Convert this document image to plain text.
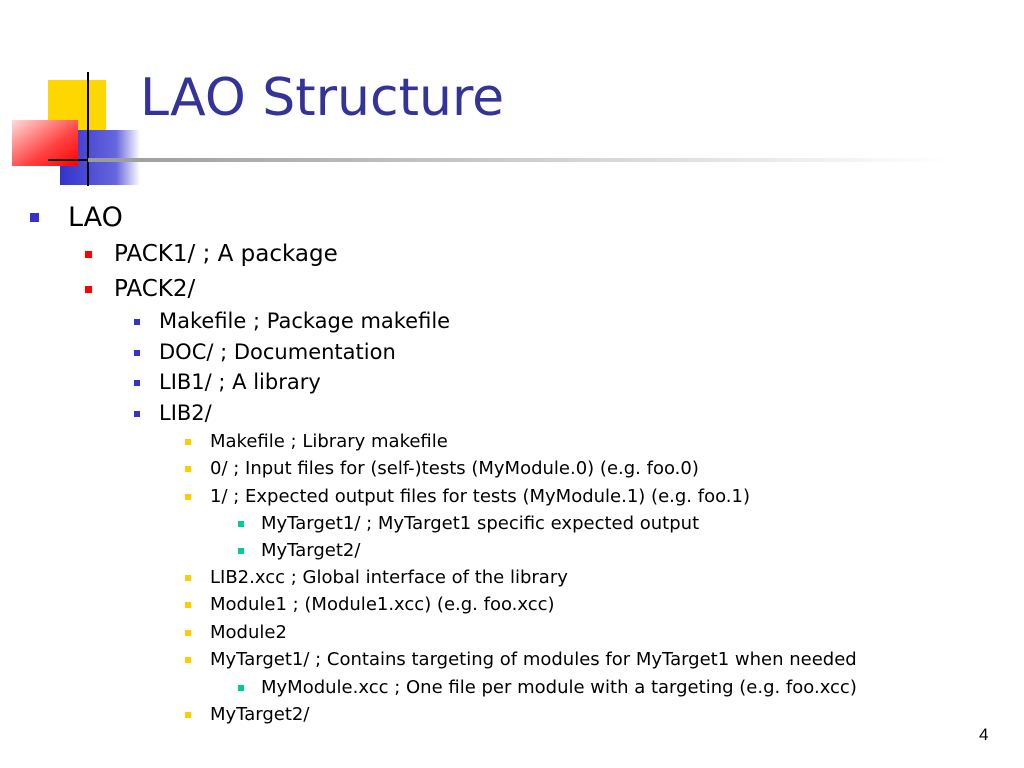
LAO Structure
LAO
PACK1/ ; A package
PACK2/
Makefile ; Package makefile
DOC/ ; Documentation
LIB1/ ; A library
LIB2/
Makefile ; Library makefile
0/ ; Input files for (self-)tests (MyModule.0) (e.g. foo.0)
1/ ; Expected output files for tests (MyModule.1) (e.g. foo.1)
MyTarget1/ ; MyTarget1 specific expected output
MyTarget2/
LIB2.xcc ; Global interface of the library
Module1 ; (Module1.xcc) (e.g. foo.xcc)
Module2
MyTarget1/ ; Contains targeting of modules for MyTarget1 when needed
MyModule.xcc ; One file per module with a targeting (e.g. foo.xcc)
MyTarget2/
4
